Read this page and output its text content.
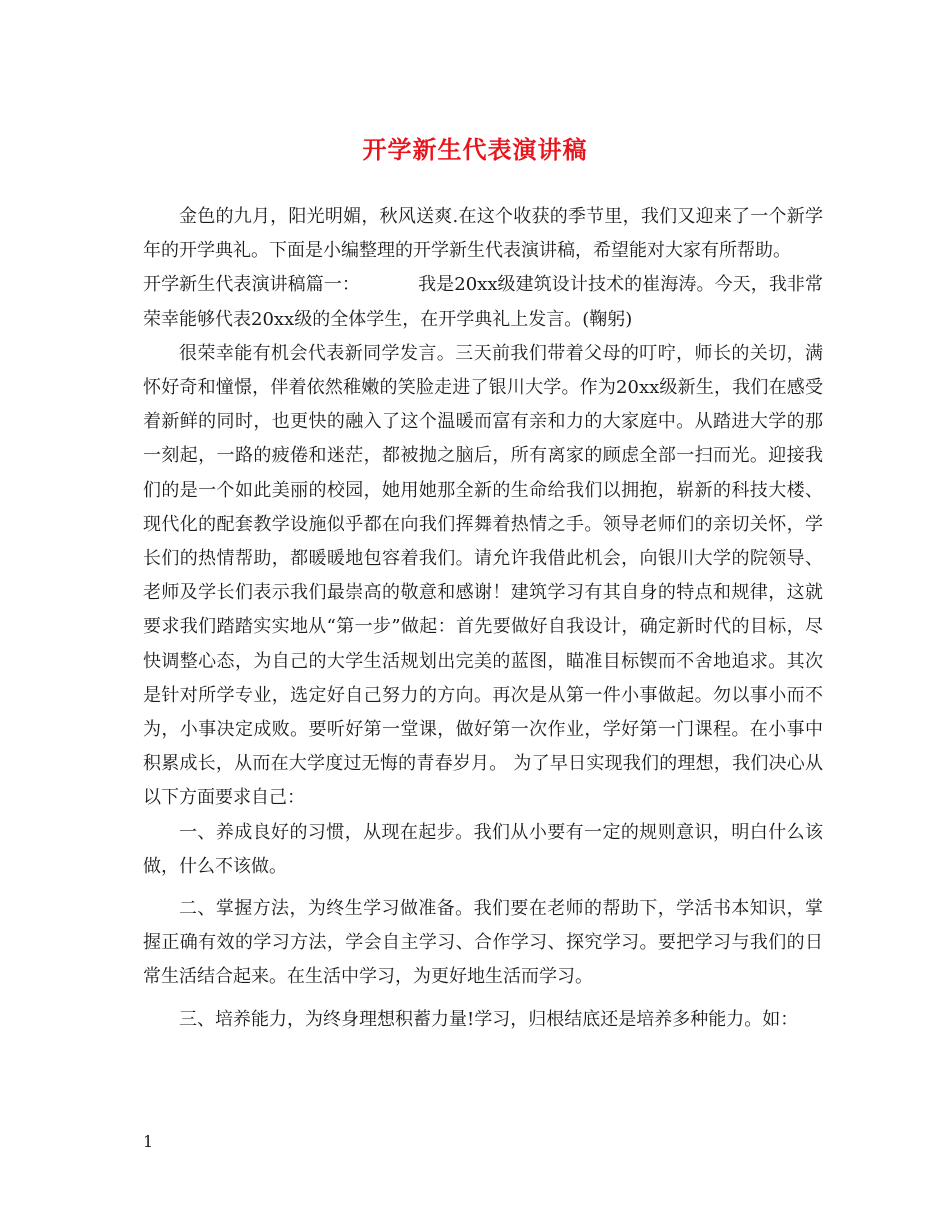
开学新生代表演讲稿

金色的九月，阳光明媚，秋风送爽.在这个收获的季节里，我们又迎来了一个新学年的开学典礼。下面是小编整理的开学新生代表演讲稿，希望能对大家有所帮助。

开学新生代表演讲稿篇一：	我是20xx级建筑设计技术的崔海涛。今天，我非常荣幸能够代表20xx级的全体学生，在开学典礼上发言。(鞠躬)

很荣幸能有机会代表新同学发言。三天前我们带着父母的叮咛，师长的关切，满怀好奇和憧憬，伴着依然稚嫩的笑脸走进了银川大学。作为20xx级新生，我们在感受着新鲜的同时，也更快的融入了这个温暖而富有亲和力的大家庭中。从踏进大学的那一刻起，一路的疲倦和迷茫，都被抛之脑后，所有离家的顾虑全部一扫而光。迎接我们的是一个如此美丽的校园，她用她那全新的生命给我们以拥抱，崭新的科技大楼、现代化的配套教学设施似乎都在向我们挥舞着热情之手。领导老师们的亲切关怀，学长们的热情帮助，都暖暖地包容着我们。请允许我借此机会，向银川大学的院领导、老师及学长们表示我们最崇高的敬意和感谢！建筑学习有其自身的特点和规律，这就要求我们踏踏实实地从“第一步”做起：首先要做好自我设计，确定新时代的目标，尽快调整心态，为自己的大学生活规划出完美的蓝图，瞄准目标锲而不舍地追求。其次是针对所学专业，选定好自己努力的方向。再次是从第一件小事做起。勿以事小而不为，小事决定成败。要听好第一堂课，做好第一次作业，学好第一门课程。在小事中积累成长，从而在大学度过无悔的青春岁月。 为了早日实现我们的理想，我们决心从以下方面要求自己：

一、养成良好的习惯，从现在起步。我们从小要有一定的规则意识，明白什么该做，什么不该做。

二、掌握方法，为终生学习做准备。我们要在老师的帮助下，学活书本知识，掌握正确有效的学习方法，学会自主学习、合作学习、探究学习。要把学习与我们的日常生活结合起来。在生活中学习，为更好地生活而学习。

三、培养能力，为终身理想积蓄力量!学习，归根结底还是培养多种能力。如：

1
